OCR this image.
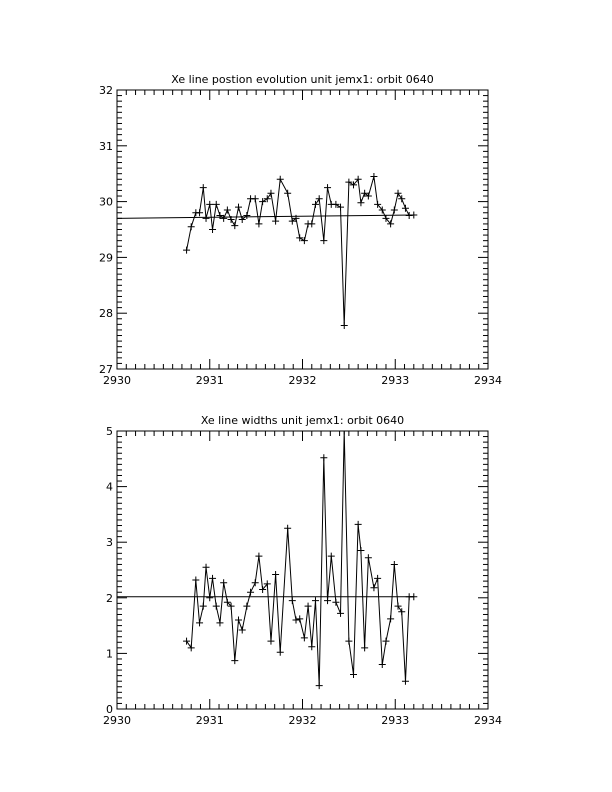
Xe line postion evolution unit jemx1: orbit 0640
2930	2931	2932	2933	2934
27
28
29
30
31
32
Xe line widths unit jemx1: orbit 0640
2930	2931	2932	2933	2934
0
1
2
3
4
5
